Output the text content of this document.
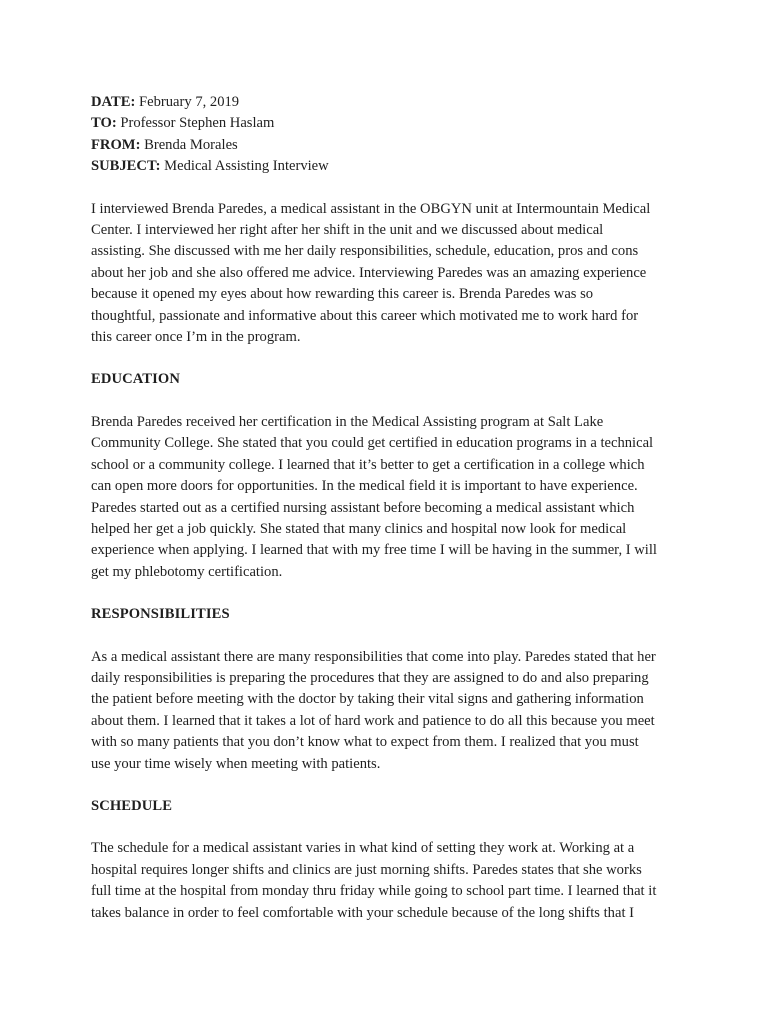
DATE: February 7, 2019

TO: Professor Stephen Haslam

FROM: Brenda Morales

SUBJECT: Medical Assisting Interview

I interviewed Brenda Paredes, a medical assistant in the OBGYN unit at Intermountain Medical
Center. I interviewed her right after her shift in the unit and we discussed about medical
assisting. She discussed with me her daily responsibilities, schedule, education, pros and cons
about her job and she also offered me advice. Interviewing Paredes was an amazing experience
because it opened my eyes about how rewarding this career is. Brenda Paredes was so
thoughtful, passionate and informative about this career which motivated me to work hard for
this career once I’m in the program.

EDUCATION

Brenda Paredes received her certification in the Medical Assisting program at Salt Lake
Community College. She stated that you could get certified in education programs in a technical
school or a community college. I learned that it’s better to get a certification in a college which
can open more doors for opportunities. In the medical field it is important to have experience.
Paredes started out as a certified nursing assistant before becoming a medical assistant which
helped her get a job quickly. She stated that many clinics and hospital now look for medical
experience when applying. I learned that with my free time I will be having in the summer, I will
get my phlebotomy certification.

RESPONSIBILITIES

As a medical assistant there are many responsibilities that come into play. Paredes stated that her
daily responsibilities is preparing the procedures that they are assigned to do and also preparing
the patient before meeting with the doctor by taking their vital signs and gathering information
about them. I learned that it takes a lot of hard work and patience to do all this because you meet
with so many patients that you don’t know what to expect from them. I realized that you must
use your time wisely when meeting with patients.

SCHEDULE

The schedule for a medical assistant varies in what kind of setting they work at. Working at a
hospital requires longer shifts and clinics are just morning shifts. Paredes states that she works
full time at the hospital from monday thru friday while going to school part time. I learned that it
takes balance in order to feel comfortable with your schedule because of the long shifts that I
